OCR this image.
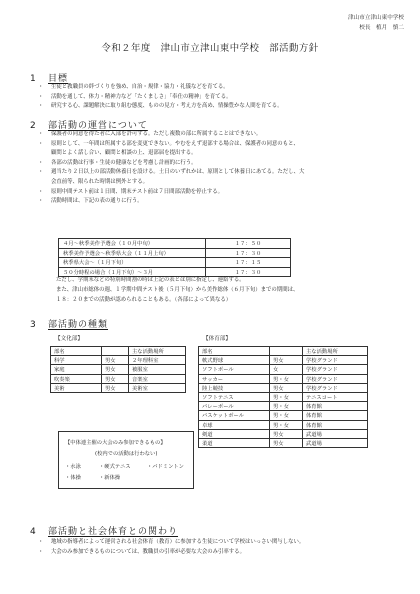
津山市立津山東中学校
校長　植月　慎二
令和２年度　津山市立津山東中学校　部活動方針
1 目標
・ 生徒と教職員の絆づくりを強め、自治・規律・協力・礼儀などを育てる。
・ 活動を通して、体力・精神力など「たくましさ」「奉仕の精神」を育てる。
・ 研究する心、課題解決に取り組む態度、ものの見方・考え方を高め、情操豊かな人間を育てる。
2 部活動の運営について
・ 保護者の同意を得た者に入部を許可する。ただし複数の部に所属することはできない。
・ 原則として、一年間は所属する部を変更できない。やむをえず退部する場合は、保護者の同意のもと、
顧問とよく話し合い、顧問と相談の上、退部届を提出する。
・ 各部の活動は行事・生徒の健康などを考慮し計画的に行う。
・ 週当たり２日以上の部活動休養日を設ける。土日のいずれかは、原則として休養日にあてる。ただし、大
会直前等、限られた時期は例外とする。
・ 原則中間テスト前は１日間、期末テスト前は７日間部活動を停止する。
・ 活動時間は、下記の表の通りに行う。
４月～秋季美作予選会（１０月中旬）	１７：５０
秋季美作予選会～秋季県大会（１１月上旬）	１７：３０
秋季県大会～（１月下旬）	１７：１５
５０分時程の場合（１月下旬）～３月	１７：３０
ただし、学期末などの特別時間割の時は上記の表とは別に指定し、連絡する。
また、津山市総体の週、１学期中間テスト後（５月下旬）から美作総体（６月下旬）までの期間は、
１８：２０までの活動が認められることもある。（各部によって異なる）
3 部活動の種類
【文化部】	【体育部】
部名		主な活動場所
科学	男女	２年理科室
家庭	男女	被服室
吹奏楽	男女	音楽室
美術	男女	美術室
部名		主な活動場所
軟式野球	男女	学校グランド
ソフトボール	女	学校グランド
サッカー	男・女	学校グランド
陸上競技	男女	学校グランド
ソフトテニス	男・女	テニスコート
バレーボール	男・女	体育館
バスケットボール	男・女	体育館
卓球	男・女	体育館
剣道	男女	武道場
柔道	男女	武道場
【中体連主催の大会のみ参加できるもの】
(校内での活動は行わない)
・水泳	・硬式テニス	・バドミントン
・体操	・新体操
4 部活動と社会体育との関わり
・ 地域の指導者によって運営される社会体育（教育）に参加する生徒について学校はいっさい関与しない。
・ 大会のみ参加できるものについては、教職員の引率が必要な大会のみ引率する。
